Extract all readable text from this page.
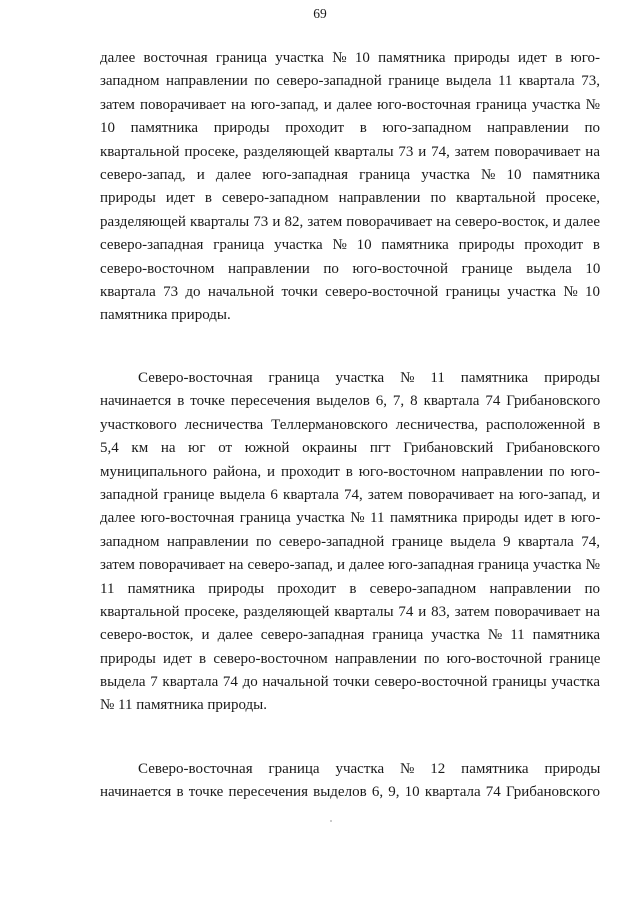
69
далее восточная граница участка № 10 памятника природы идет в юго-
западном направлении по северо-западной границе выдела 11 квартала 73,
затем поворачивает на юго-запад, и далее юго-восточная граница участка №
10 памятника природы проходит в юго-западном направлении по
квартальной просеке, разделяющей кварталы 73 и 74, затем поворачивает на
северо-запад, и далее юго-западная граница участка № 10 памятника
природы идет в северо-западном направлении по квартальной просеке,
разделяющей кварталы 73 и 82, затем поворачивает на северо-восток, и далее
северо-западная граница участка № 10 памятника природы проходит в
северо-восточном направлении по юго-восточной границе выдела 10
квартала 73 до начальной точки северо-восточной границы участка № 10
памятника природы.
Северо-восточная граница участка № 11 памятника природы
начинается в точке пересечения выделов 6, 7, 8 квартала 74 Грибановского
участкового лесничества Теллермановского лесничества, расположенной в
5,4 км на юг от южной окраины пгт Грибановский Грибановского
муниципального района, и проходит в юго-восточном направлении по юго-
западной границе выдела 6 квартала 74, затем поворачивает на юго-запад, и
далее юго-восточная граница участка № 11 памятника природы идет в юго-
западном направлении по северо-западной границе выдела 9 квартала 74,
затем поворачивает на северо-запад, и далее юго-западная граница участка №
11 памятника природы проходит в северо-западном направлении по
квартальной просеке, разделяющей кварталы 74 и 83, затем поворачивает на
северо-восток, и далее северо-западная граница участка № 11 памятника
природы идет в северо-восточном направлении по юго-восточной границе
выдела 7 квартала 74 до начальной точки северо-восточной границы участка
№ 11 памятника природы.
Северо-восточная граница участка № 12 памятника природы
начинается в точке пересечения выделов 6, 9, 10 квартала 74 Грибановского
